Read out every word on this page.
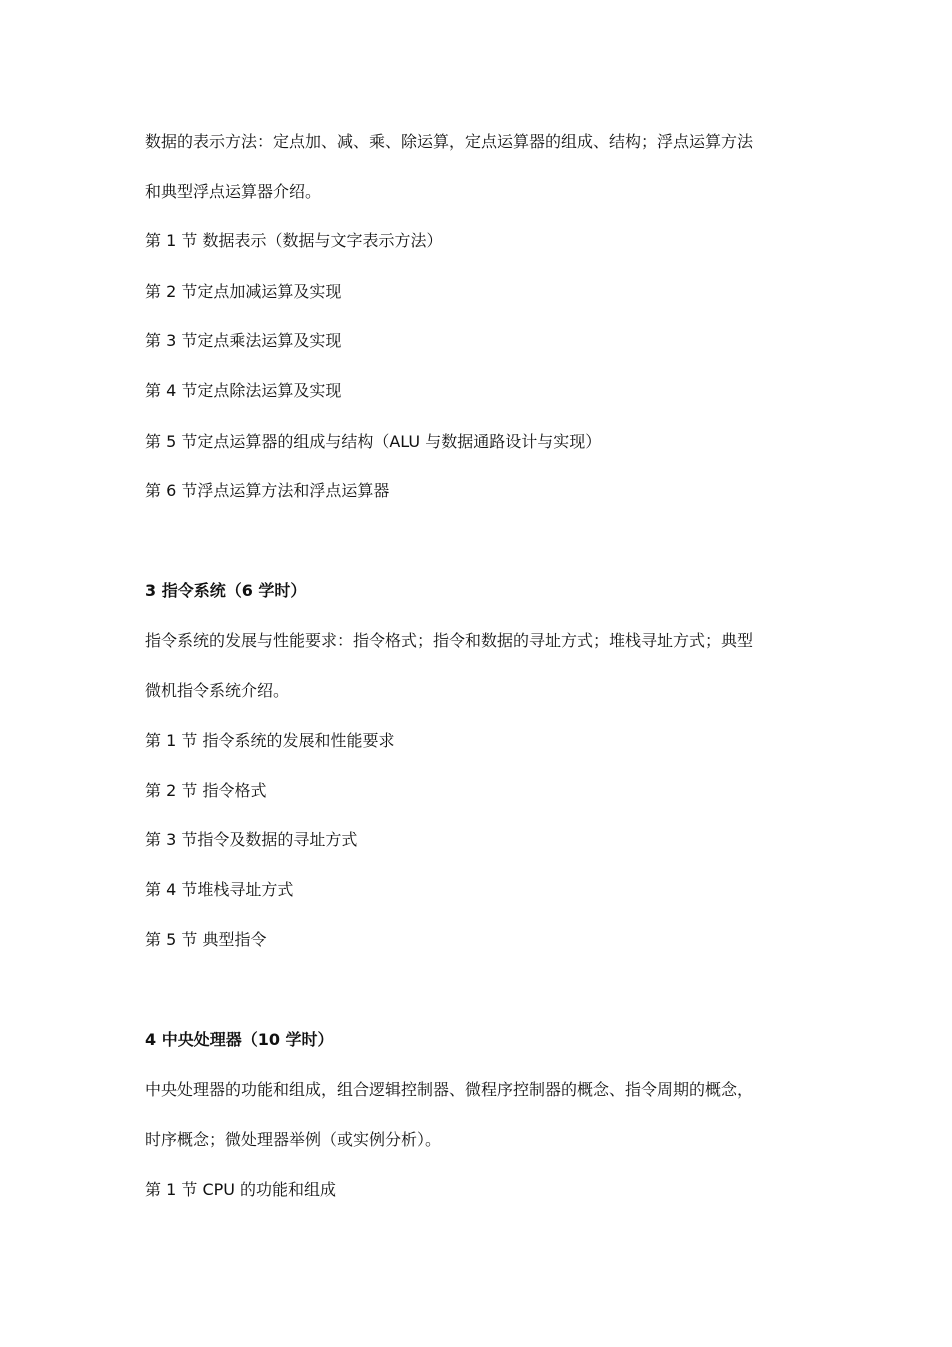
数据的表示方法：定点加、减、乘、除运算，定点运算器的组成、结构；浮点运算方法
和典型浮点运算器介绍。
第 1 节 数据表示（数据与文字表示方法）
第 2 节定点加减运算及实现
第 3 节定点乘法运算及实现
第 4 节定点除法运算及实现
第 5 节定点运算器的组成与结构（ALU 与数据通路设计与实现）
第 6 节浮点运算方法和浮点运算器
3 指令系统（6 学时）
指令系统的发展与性能要求：指令格式；指令和数据的寻址方式；堆栈寻址方式；典型
微机指令系统介绍。
第 1 节 指令系统的发展和性能要求
第 2 节 指令格式
第 3 节指令及数据的寻址方式
第 4 节堆栈寻址方式
第 5 节 典型指令
4 中央处理器（10 学时）
中央处理器的功能和组成，组合逻辑控制器、微程序控制器的概念、指令周期的概念，
时序概念；微处理器举例（或实例分析）。
第 1 节 CPU 的功能和组成
